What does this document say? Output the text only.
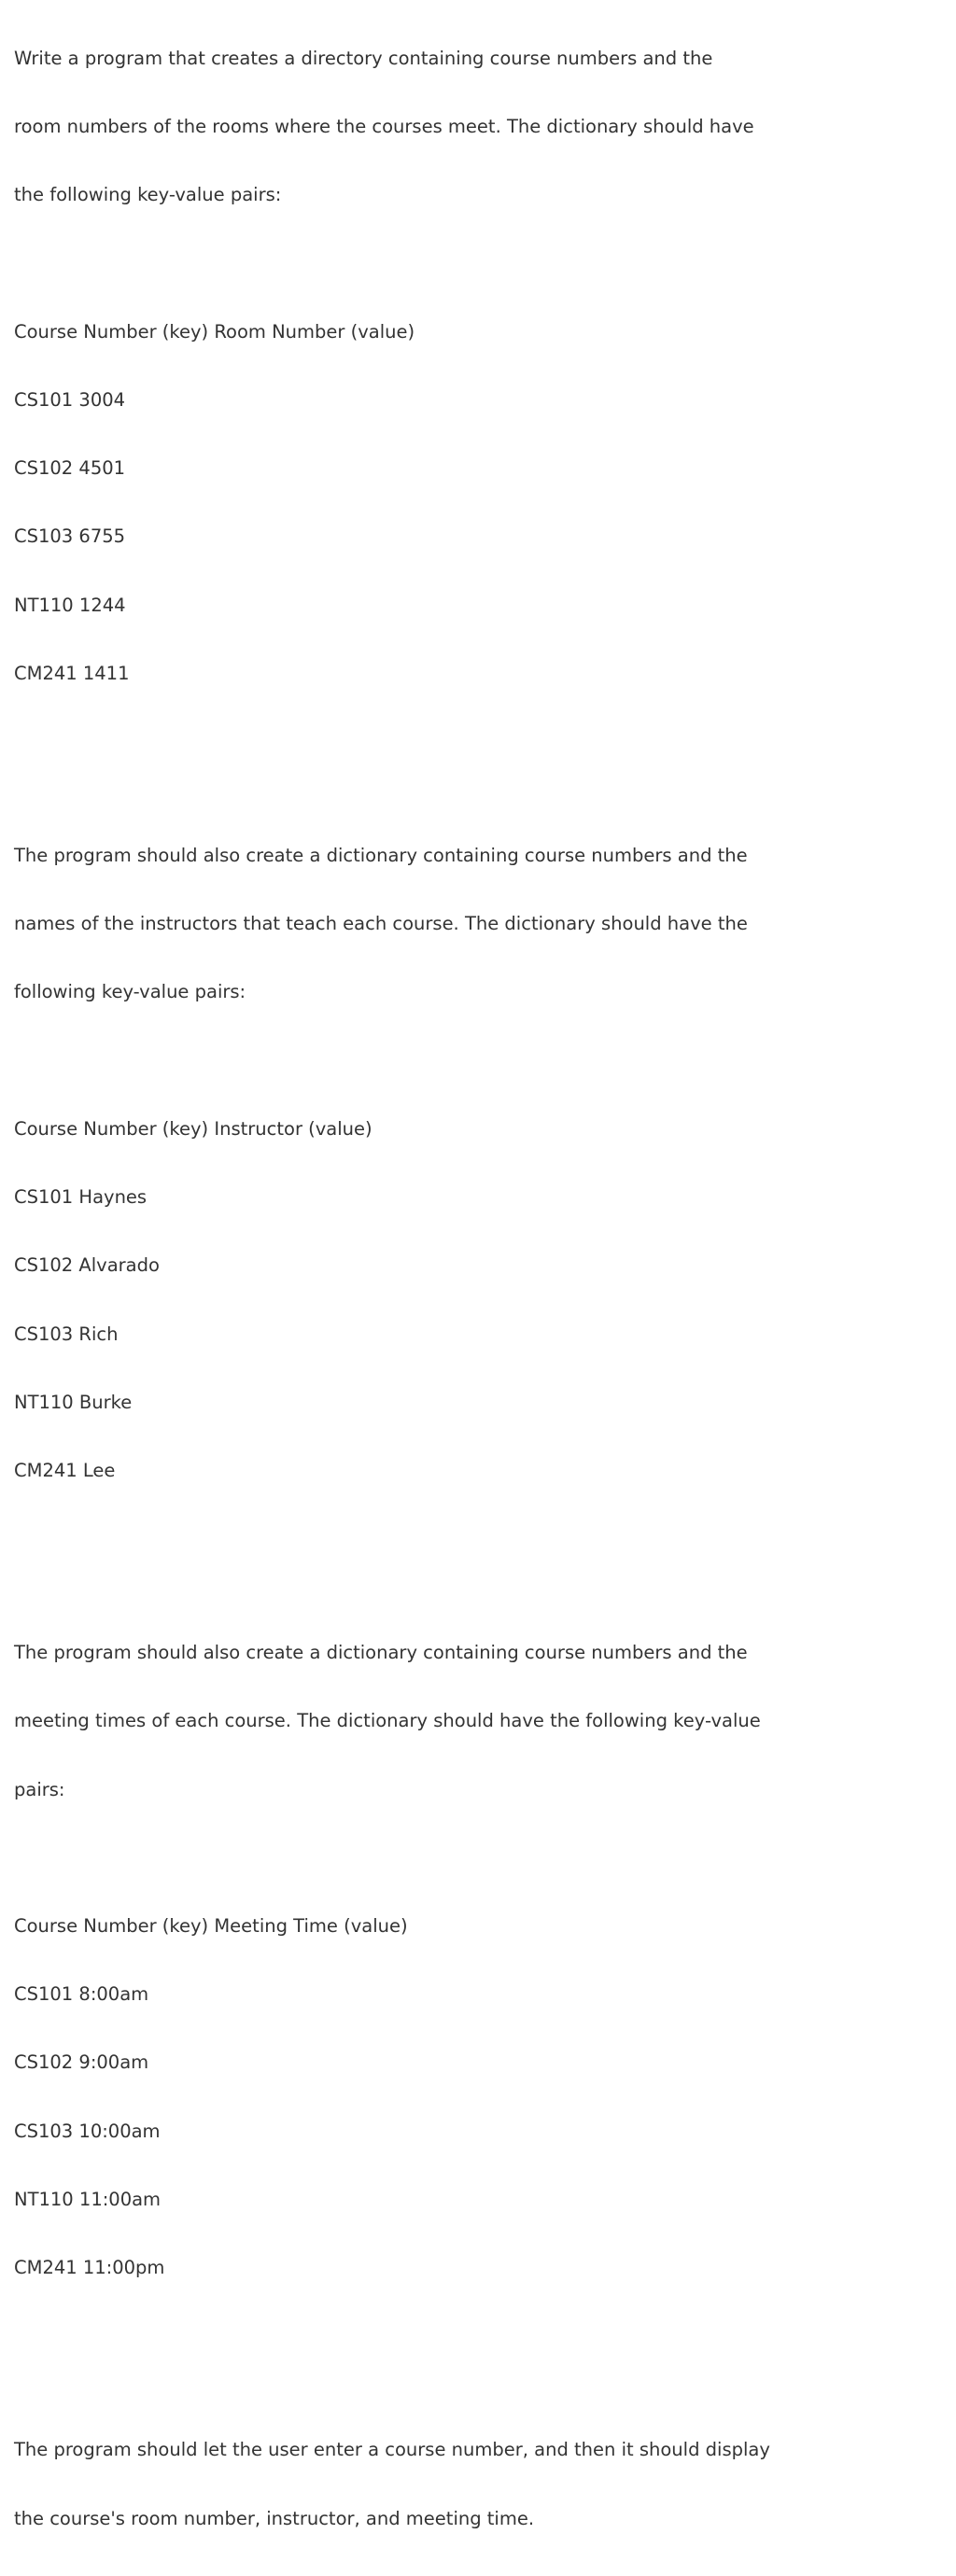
Write a program that creates a directory containing course numbers and the

room numbers of the rooms where the courses meet. The dictionary should have

the following key-value pairs:

Course Number (key) Room Number (value)

CS101 3004

CS102 4501

CS103 6755

NT110 1244

CM241 1411

The program should also create a dictionary containing course numbers and the

names of the instructors that teach each course. The dictionary should have the

following key-value pairs:

Course Number (key) Instructor (value)

CS101 Haynes

CS102 Alvarado

CS103 Rich

NT110 Burke

CM241 Lee

The program should also create a dictionary containing course numbers and the

meeting times of each course. The dictionary should have the following key-value

pairs:

Course Number (key) Meeting Time (value)

CS101 8:00am

CS102 9:00am

CS103 10:00am

NT110 11:00am

CM241 11:00pm

The program should let the user enter a course number, and then it should display

the course's room number, instructor, and meeting time.
